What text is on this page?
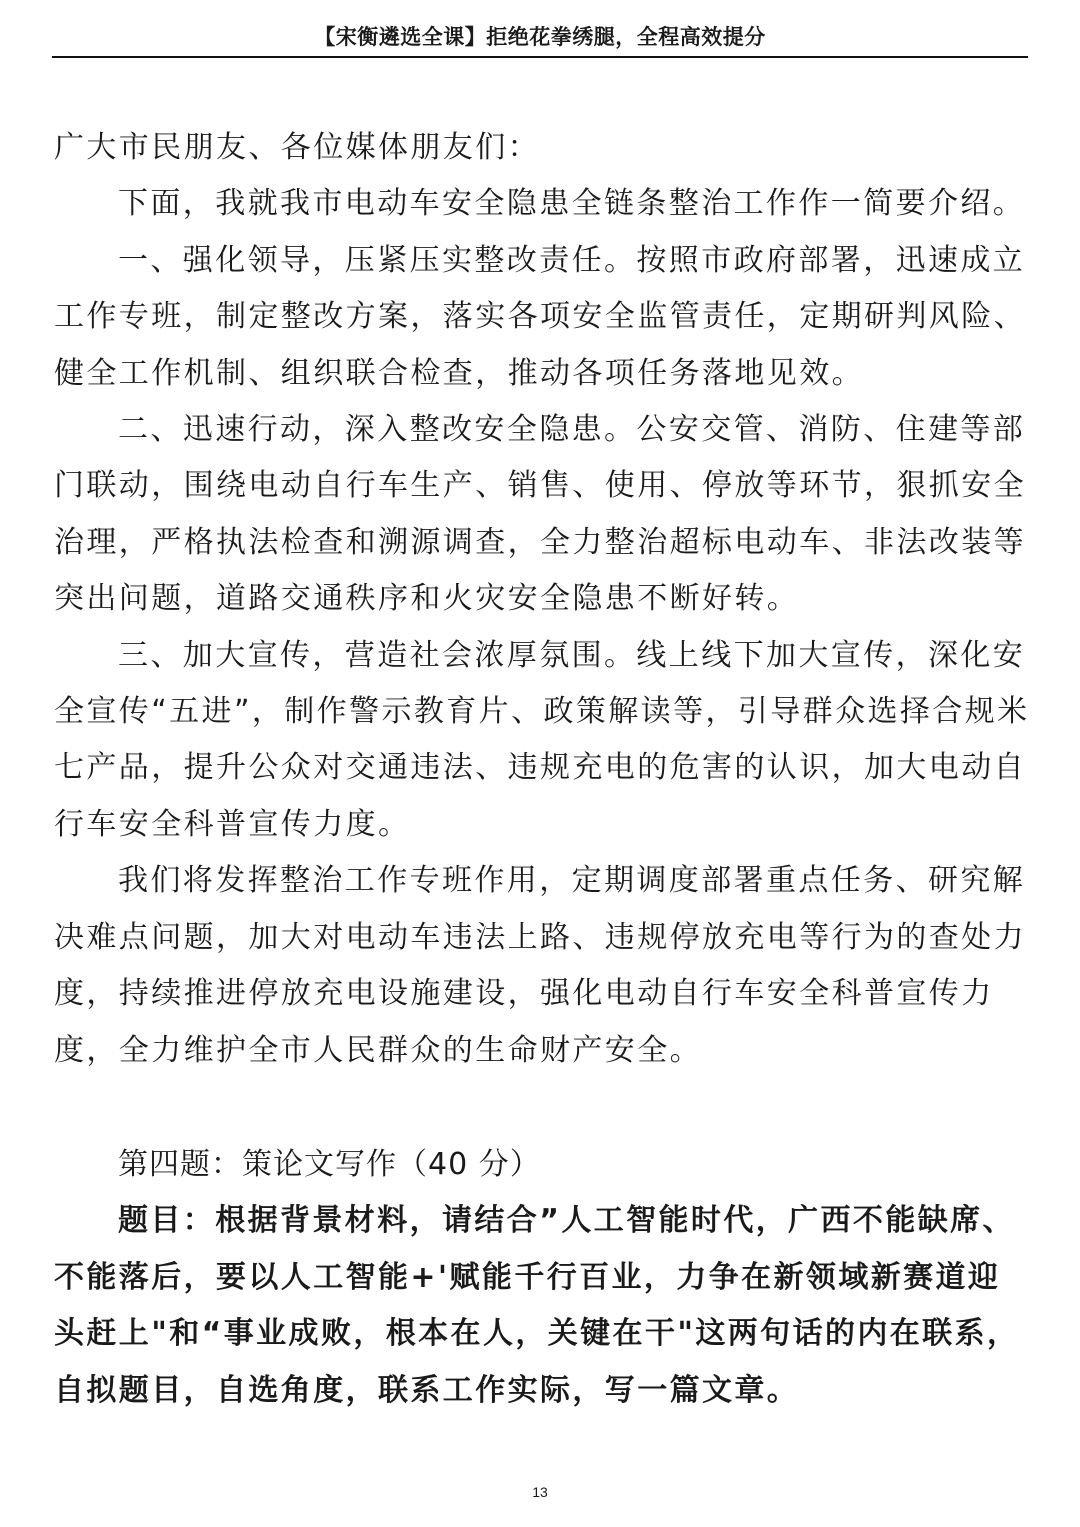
【宋衡遴选全课】拒绝花拳绣腿，全程高效提分

广大市民朋友、各位媒体朋友们：

下面，我就我市电动车安全隐患全链条整治工作作一简要介绍。

一、强化领导，压紧压实整改责任。按照市政府部署，迅速成立工作专班，制定整改方案，落实各项安全监管责任，定期研判风险、健全工作机制、组织联合检查，推动各项任务落地见效。

二、迅速行动，深入整改安全隐患。公安交管、消防、住建等部门联动，围绕电动自行车生产、销售、使用、停放等环节，狠抓安全治理，严格执法检查和溯源调查，全力整治超标电动车、非法改装等突出问题，道路交通秩序和火灾安全隐患不断好转。

三、加大宣传，营造社会浓厚氛围。线上线下加大宣传，深化安全宣传“五进”，制作警示教育片、政策解读等，引导群众选择合规米七产品，提升公众对交通违法、违规充电的危害的认识，加大电动自行车安全科普宣传力度。

我们将发挥整治工作专班作用，定期调度部署重点任务、研究解决难点问题，加大对电动车违法上路、违规停放充电等行为的查处力度，持续推进停放充电设施建设，强化电动自行车安全科普宣传力度，全力维护全市人民群众的生命财产安全。

第四题：策论文写作（40 分）

题目：根据背景材料，请结合”人工智能时代，广西不能缺席、不能落后，要以人工智能+'赋能千行百业，力争在新领域新赛道迎头赶上"和“事业成败，根本在人，关键在干"这两句话的内在联系，自拟题目，自选角度，联系工作实际，写一篇文章。

13
